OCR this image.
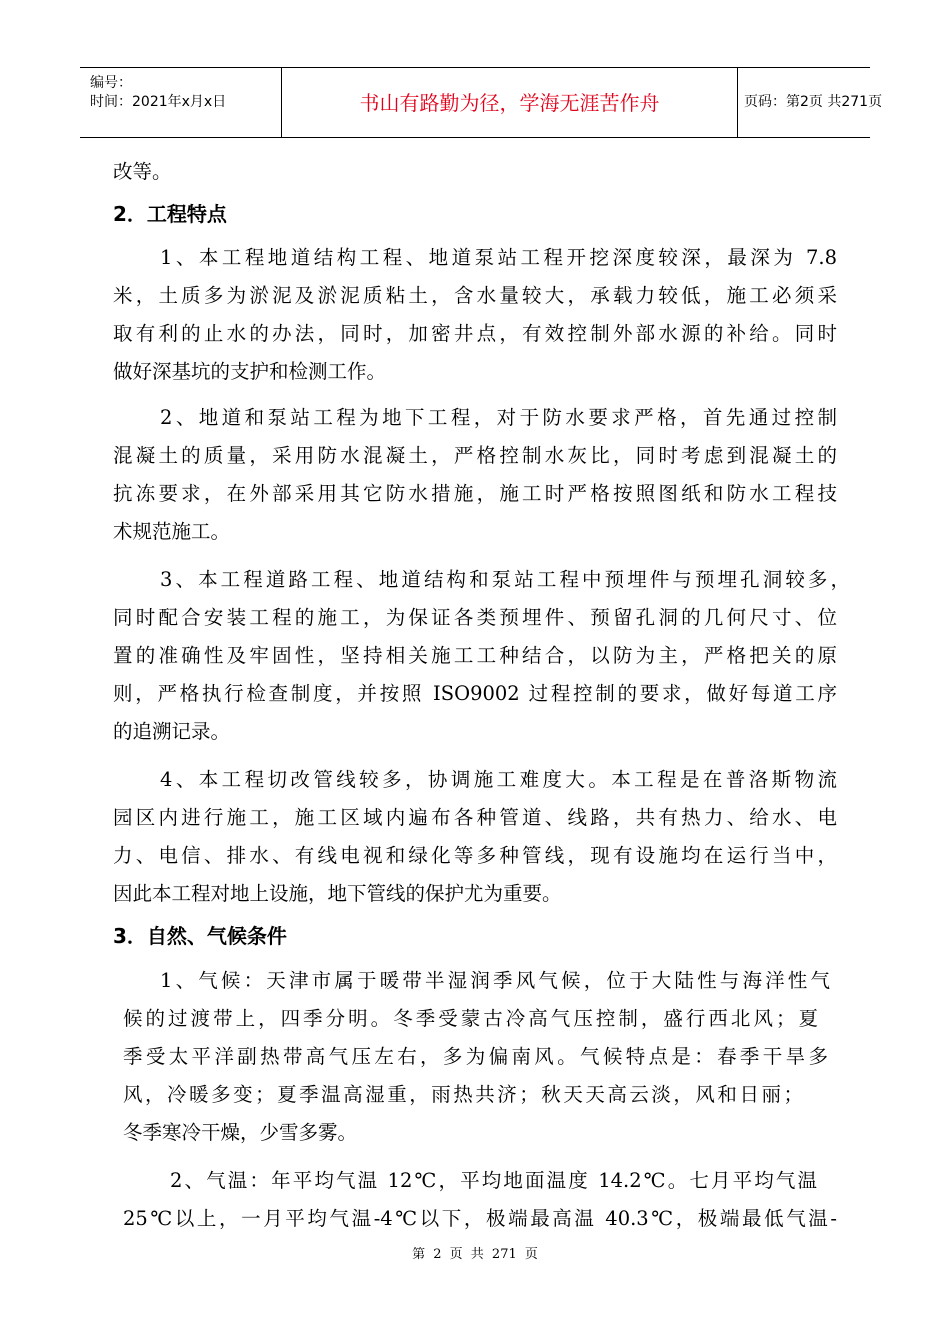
编号：
时间：2021年x月x日	书山有路勤为径，学海无涯苦作舟	页码：第2页 共271页
改等。
2．工程特点
1、本工程地道结构工程、地道泵站工程开挖深度较深，最深为 7.8
米，土质多为淤泥及淤泥质粘土，含水量较大，承载力较低，施工必须采
取有利的止水的办法，同时，加密井点，有效控制外部水源的补给。同时
做好深基坑的支护和检测工作。
2、地道和泵站工程为地下工程，对于防水要求严格，首先通过控制
混凝土的质量，采用防水混凝土，严格控制水灰比，同时考虑到混凝土的
抗冻要求，在外部采用其它防水措施，施工时严格按照图纸和防水工程技
术规范施工。
3、本工程道路工程、地道结构和泵站工程中预埋件与预埋孔洞较多，
同时配合安装工程的施工，为保证各类预埋件、预留孔洞的几何尺寸、位
置的准确性及牢固性，坚持相关施工工种结合，以防为主，严格把关的原
则，严格执行检查制度，并按照 ISO9002 过程控制的要求，做好每道工序
的追溯记录。
4、本工程切改管线较多，协调施工难度大。本工程是在普洛斯物流
园区内进行施工，施工区域内遍布各种管道、线路，共有热力、给水、电
力、电信、排水、有线电视和绿化等多种管线，现有设施均在运行当中，
因此本工程对地上设施，地下管线的保护尤为重要。
3．自然、气候条件
1、气候：天津市属于暖带半湿润季风气候，位于大陆性与海洋性气
候的过渡带上，四季分明。冬季受蒙古冷高气压控制，盛行西北风；夏
季受太平洋副热带高气压左右，多为偏南风。气候特点是：春季干旱多
风，冷暖多变；夏季温高湿重，雨热共济；秋天天高云淡，风和日丽；
冬季寒冷干燥，少雪多雾。
2、气温：年平均气温 12℃，平均地面温度 14.2℃。七月平均气温
25℃以上，一月平均气温-4℃以下，极端最高温 40.3℃，极端最低气温-
第 2 页 共 271 页
